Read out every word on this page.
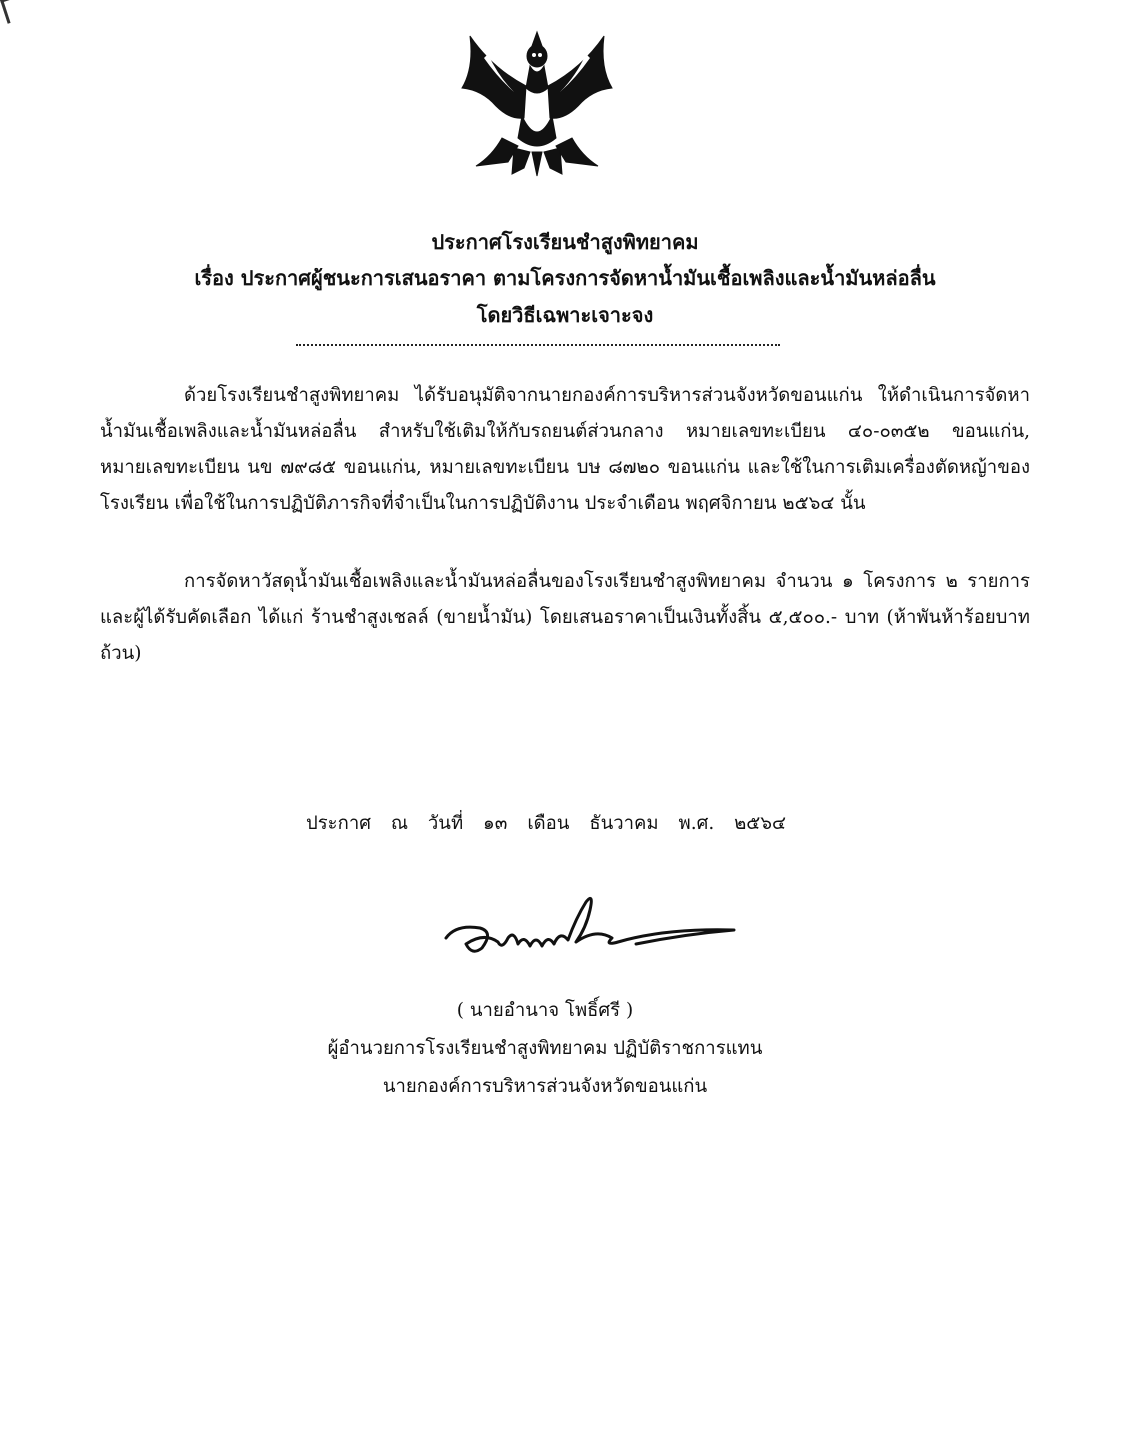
ประกาศโรงเรียนชำสูงพิทยาคม
เรื่อง ประกาศผู้ชนะการเสนอราคา ตามโครงการจัดหาน้ำมันเชื้อเพลิงและน้ำมันหล่อลื่น
โดยวิธีเฉพาะเจาะจง
ด้วยโรงเรียนชำสูงพิทยาคม ได้รับอนุมัติจากนายกองค์การบริหารส่วนจังหวัดขอนแก่น ให้ดำเนินการจัดหาน้ำมันเชื้อเพลิงและน้ำมันหล่อลื่น สำหรับใช้เติมให้กับรถยนต์ส่วนกลาง หมายเลขทะเบียน ๔๐-๐๓๕๒ ขอนแก่น, หมายเลขทะเบียน นข ๗๙๘๕ ขอนแก่น, หมายเลขทะเบียน บษ ๘๗๒๐ ขอนแก่น และใช้ในการเติมเครื่องตัดหญ้าของโรงเรียน เพื่อใช้ในการปฏิบัติภารกิจที่จำเป็นในการปฏิบัติงาน ประจำเดือน พฤศจิกายน ๒๕๖๔ นั้น
การจัดหาวัสดุน้ำมันเชื้อเพลิงและน้ำมันหล่อลื่นของโรงเรียนชำสูงพิทยาคม จำนวน ๑ โครงการ ๒ รายการ และผู้ได้รับคัดเลือก ได้แก่ ร้านชำสูงเชลล์ (ขายน้ำมัน) โดยเสนอราคาเป็นเงินทั้งสิ้น ๕,๕๐๐.- บาท (ห้าพันห้าร้อยบาทถ้วน)
ประกาศ ณ วันที่ ๑๓ เดือน ธันวาคม พ.ศ. ๒๕๖๔
( นายอำนาจ โพธิ์ศรี )
ผู้อำนวยการโรงเรียนชำสูงพิทยาคม ปฏิบัติราชการแทน
นายกองค์การบริหารส่วนจังหวัดขอนแก่น
